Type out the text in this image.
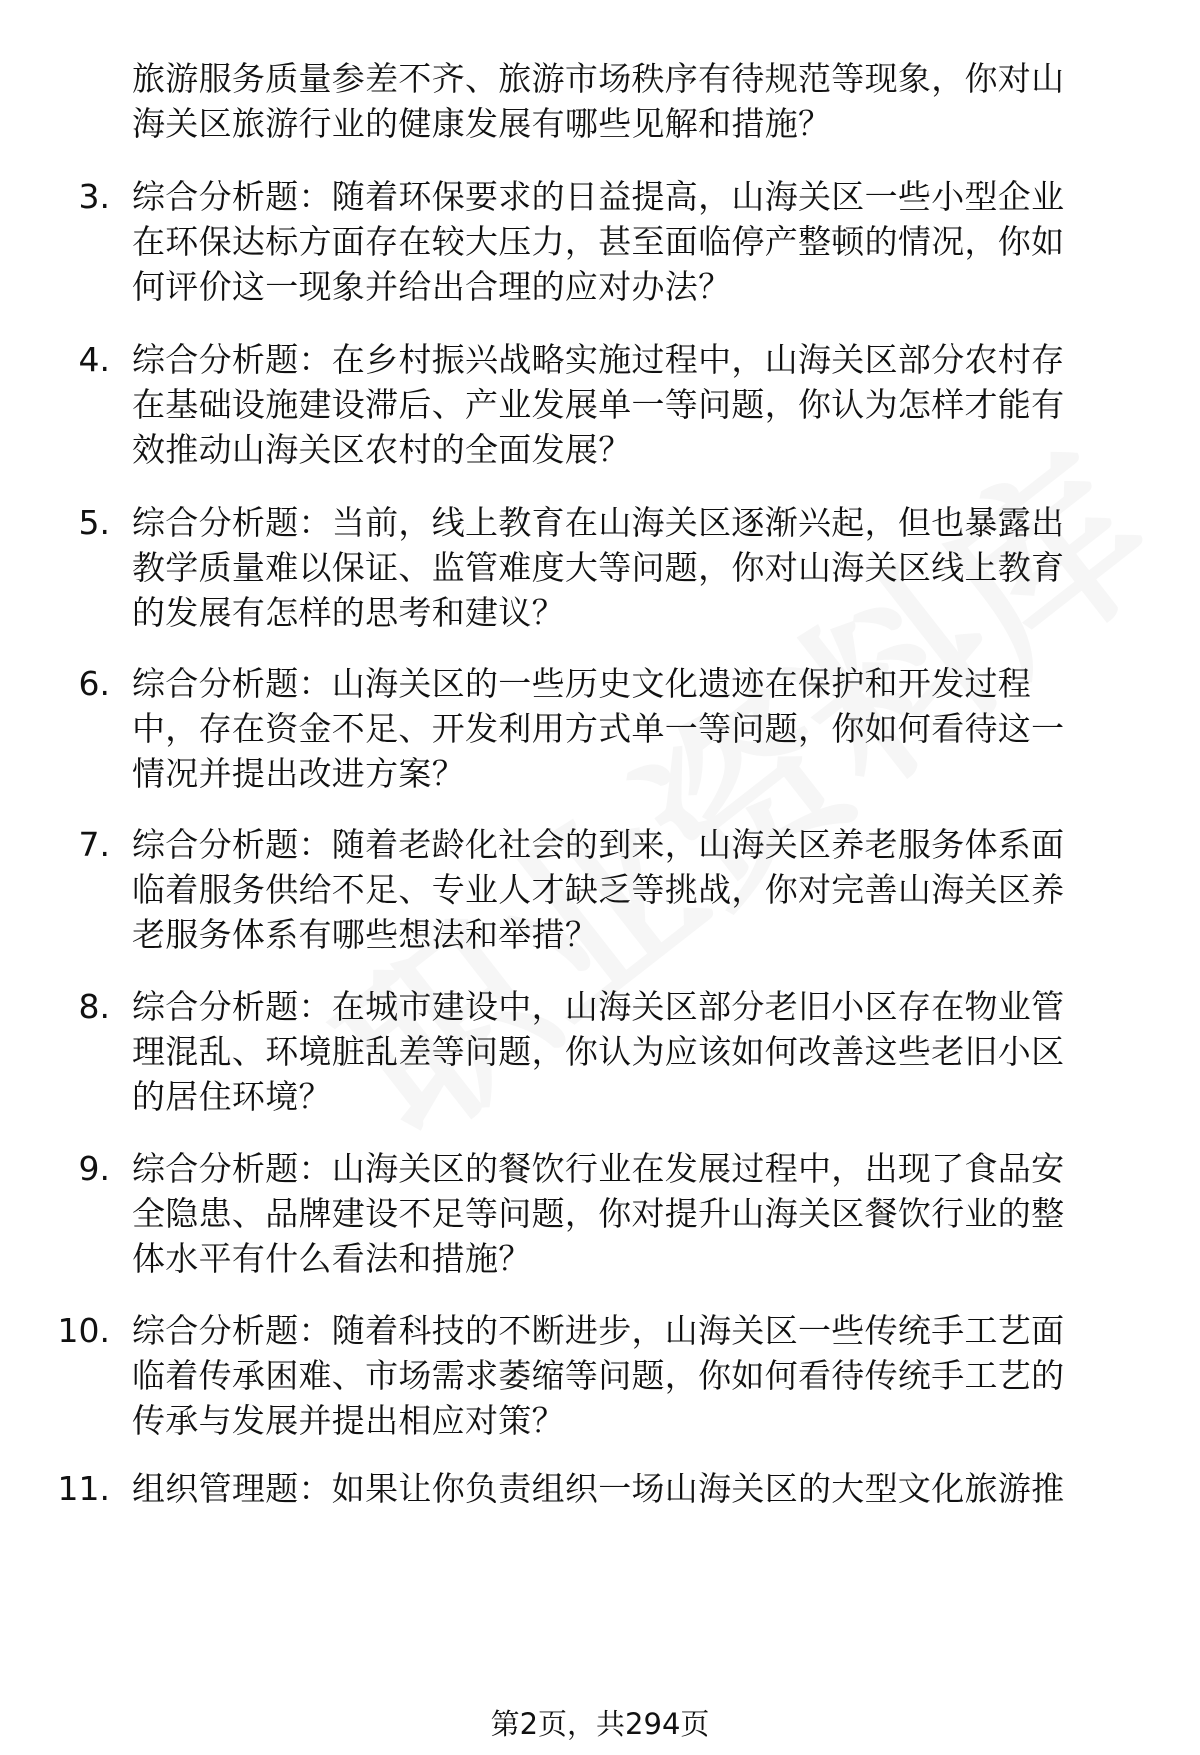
旅游服务质量参差不齐、旅游市场秩序有待规范等现象，你对山
海关区旅游行业的健康发展有哪些见解和措施？
3. 综合分析题：随着环保要求的日益提高，山海关区一些小型企业
在环保达标方面存在较大压力，甚至面临停产整顿的情况，你如
何评价这一现象并给出合理的应对办法？
4. 综合分析题：在乡村振兴战略实施过程中，山海关区部分农村存
在基础设施建设滞后、产业发展单一等问题，你认为怎样才能有
效推动山海关区农村的全面发展？
5. 综合分析题：当前，线上教育在山海关区逐渐兴起，但也暴露出
教学质量难以保证、监管难度大等问题，你对山海关区线上教育
的发展有怎样的思考和建议？
6. 综合分析题：山海关区的一些历史文化遗迹在保护和开发过程
中，存在资金不足、开发利用方式单一等问题，你如何看待这一
情况并提出改进方案？
7. 综合分析题：随着老龄化社会的到来，山海关区养老服务体系面
临着服务供给不足、专业人才缺乏等挑战，你对完善山海关区养
老服务体系有哪些想法和举措？
8. 综合分析题：在城市建设中，山海关区部分老旧小区存在物业管
理混乱、环境脏乱差等问题，你认为应该如何改善这些老旧小区
的居住环境？
9. 综合分析题：山海关区的餐饮行业在发展过程中，出现了食品安
全隐患、品牌建设不足等问题，你对提升山海关区餐饮行业的整
体水平有什么看法和措施？
10. 综合分析题：随着科技的不断进步，山海关区一些传统手工艺面
临着传承困难、市场需求萎缩等问题，你如何看待传统手工艺的
传承与发展并提出相应对策？
11. 组织管理题：如果让你负责组织一场山海关区的大型文化旅游推
第2页，共294页
